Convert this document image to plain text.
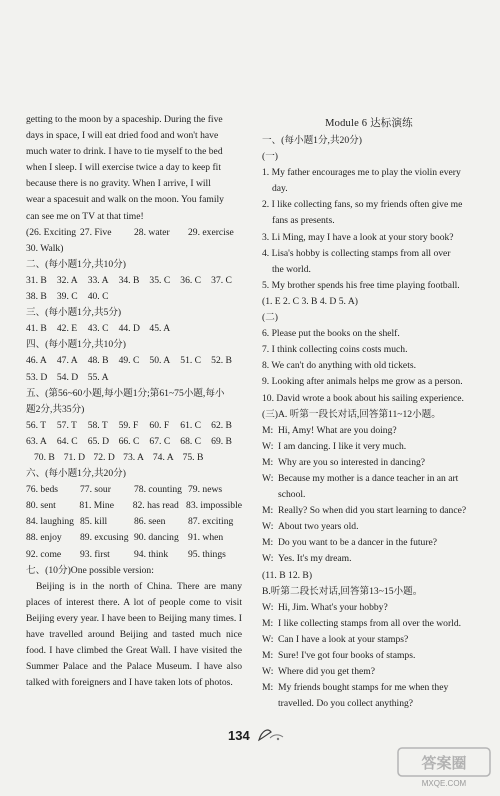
getting to the moon by a spaceship. During the five
days in space, I will eat dried food and won't have
much water to drink. I have to tie myself to the bed
when I sleep. I will exercise twice a day to keep fit
because there is no gravity. When I arrive, I will
wear a spacesuit and walk on the moon. You family
can see me on TV at that time!
(26. Exciting 27. Five	28. water	29. exercise
30. Walk)
二、(每小题1分,共10分)
31. B	32. A	33. A	34. B	35. C	36. C	37. C
38. B	39. C	40. C
三、(每小题1分,共5分)
41. B	42. E	43. C	44. D 45. A
四、(每小题1分,共10分)
46. A	47. A	48. B	49. C	50. A	51. C	52. B
53. D 54. D 55. A
五、(第56~60小题,每小题1分;第61~75小题,每小
题2分,共35分)
56. T	57. T	58. T	59. F	60. F	61. C	62. B
63. A	64. C	65. D 66. C	67. C	68. C	69. B
70. B 71. D 72. D 73. A 74. A 75. B
六、(每小题1分,共20分)
76. beds	77. sour	78. counting 79. news
80. sent	81. Mine	82. has read 83. impossible
84. laughing 85. kill	86. seen	87. exciting
88. enjoy	89. excusing 90. dancing 91. when
92. come	93. first	94. think	95. things
七、(10分)One possible version:
Beijing is in the north of China. There are many places of interest there. A lot of people come to visit Beijing every year. I have been to Beijing many times. I have travelled around Beijing and tasted much nice food. I have climbed the Great Wall. I have visited the Summer Palace and the Palace Museum. I have also talked with foreigners and I have taken lots of photos.
Module 6 达标演练
一、(每小题1分,共20分)
(一)
1. My father encourages me to play the violin every
day.
2. I like collecting fans, so my friends often give me
fans as presents.
3. Li Ming, may I have a look at your story book?
4. Lisa's hobby is collecting stamps from all over
the world.
5. My brother spends his free time playing football.
(1. E 2. C 3. B 4. D 5. A)
(二)
6. Please put the books on the shelf.
7. I think collecting coins costs much.
8. We can't do anything with old tickets.
9. Looking after animals helps me grow as a person.
10. David wrote a book about his sailing experience.
(三)A. 听第一段长对话,回答第11~12小题。
M: Hi, Amy! What are you doing?
W: I am dancing. I like it very much.
M: Why are you so interested in dancing?
W: Because my mother is a dance teacher in an art school.
M: Really? So when did you start learning to dance?
W: About two years old.
M: Do you want to be a dancer in the future?
W: Yes. It's my dream.
(11. B 12. B)
B.听第二段长对话,回答第13~15小题。
W: Hi, Jim. What's your hobby?
M: I like collecting stamps from all over the world.
W: Can I have a look at your stamps?
M: Sure! I've got four books of stamps.
W: Where did you get them?
M: My friends bought stamps for me when they travelled. Do you collect anything?
134
答案圈
MXQE.COM
